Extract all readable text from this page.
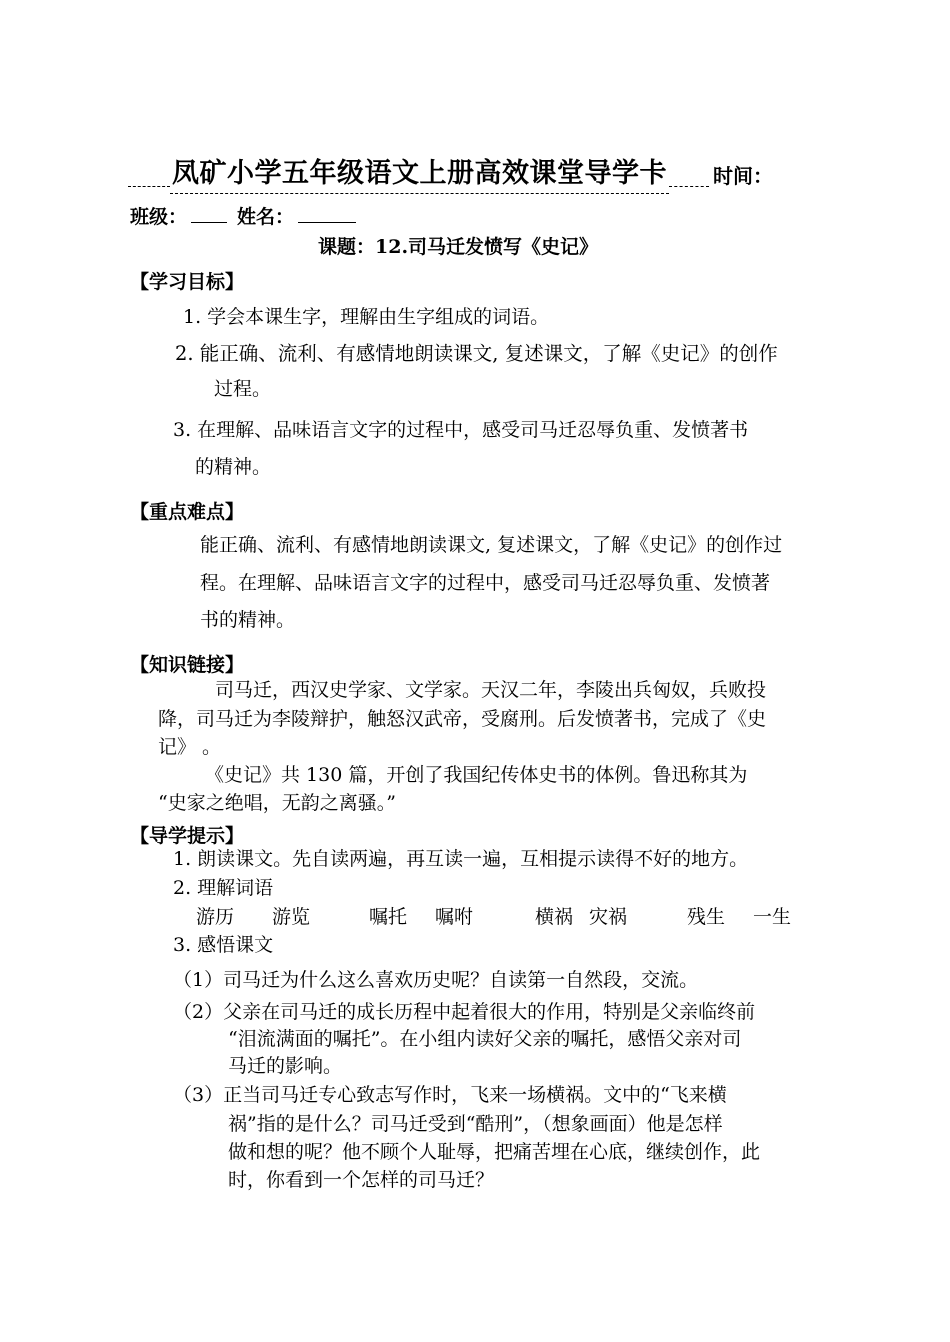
凤矿小学五年级语文上册高效课堂导学卡 时间：
班级：	姓名：
课题：12.司马迁发愤写《史记》
【学习目标】
1. 学会本课生字，理解由生字组成的词语。
2. 能正确、流利、有感情地朗读课文, 复述课文，了解《史记》的创作
过程。
3. 在理解、品味语言文字的过程中，感受司马迁忍辱负重、发愤著书
的精神。
【重点难点】
能正确、流利、有感情地朗读课文, 复述课文，了解《史记》的创作过
程。在理解、品味语言文字的过程中，感受司马迁忍辱负重、发愤著
书的精神。
【知识链接】
司马迁，西汉史学家、文学家。天汉二年，李陵出兵匈奴，兵败投
降，司马迁为李陵辩护，触怒汉武帝，受腐刑。后发愤著书，完成了《史
记》 。
《史记》共 130 篇，开创了我国纪传体史书的体例。鲁迅称其为
“史家之绝唱，无韵之离骚。”
【导学提示】
1. 朗读课文。先自读两遍，再互读一遍，互相提示读得不好的地方。
2. 理解词语
游历 游览	嘱托 嘱咐	横祸 灾祸	残生 一生
3. 感悟课文
（1）司马迁为什么这么喜欢历史呢？自读第一自然段，交流。
（2）父亲在司马迁的成长历程中起着很大的作用，特别是父亲临终前
“泪流满面的嘱托”。在小组内读好父亲的嘱托，感悟父亲对司
马迁的影响。
（3）正当司马迁专心致志写作时，飞来一场横祸。文中的“飞来横
祸”指的是什么？司马迁受到“酷刑”，（想象画面）他是怎样
做和想的呢？他不顾个人耻辱，把痛苦埋在心底，继续创作，此
时，你看到一个怎样的司马迁？
